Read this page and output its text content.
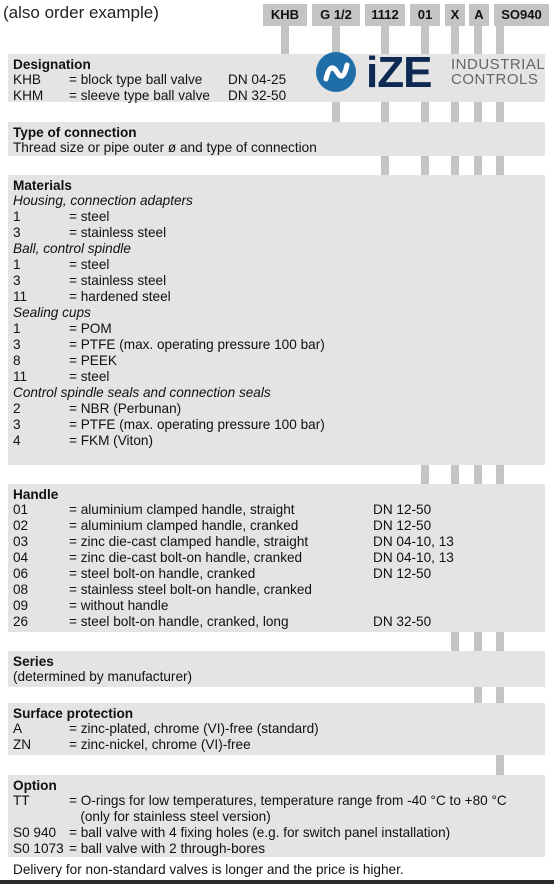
(also order example)	KHB	G 1/2	1112	01	X	A	SO940
Designation
KHB = block type ball valve DN 04-25
KHM = sleeve type ball valve DN 32-50 iZE INDUSTRIAL
CONTROLS
Type of connection
Thread size or pipe outer ø and type of connection
Materials
Housing, connection adapters
1	= steel
3	= stainless steel
Ball, control spindle
1	= steel
3	= stainless steel
11	= hardened steel
Sealing cups
1	= POM
3	= PTFE (max. operating pressure 100 bar)
8	= PEEK
11	= steel
Control spindle seals and connection seals
2	= NBR (Perbunan)
3	= PTFE (max. operating pressure 100 bar)
4	= FKM (Viton)
Handle
01	= aluminium clamped handle, straight	DN 12-50
02	= aluminium clamped handle, cranked	DN 12-50
03	= zinc die-cast clamped handle, straight	DN 04-10, 13
04	= zinc die-cast bolt-on handle, cranked	DN 04-10, 13
06	= steel bolt-on handle, cranked	DN 12-50
08	= stainless steel bolt-on handle, cranked
09	= without handle
26	= steel bolt-on handle, cranked, long	DN 32-50
Series
(determined by manufacturer)
Surface protection
A	= zinc-plated, chrome (VI)-free (standard)
ZN	= zinc-nickel, chrome (VI)-free
Option
TT	= O-rings for low temperatures, temperature range from -40 °C to +80 °C
(only for stainless steel version)
S0 940 = ball valve with 4 fixing holes (e.g. for switch panel installation)
S0 1073 = ball valve with 2 through-bores
Delivery for non-standard valves is longer and the price is higher.
